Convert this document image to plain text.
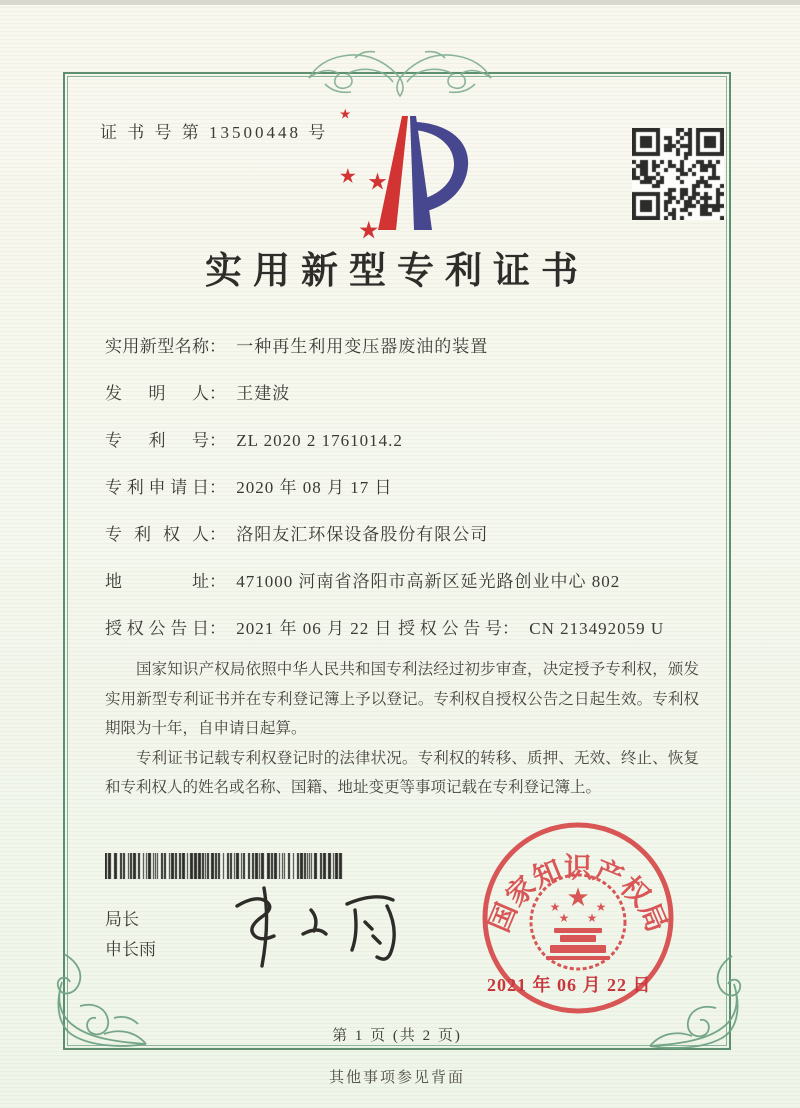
证 书 号 第 13500448 号
实用新型专利证书
实用新型名称： 一种再生利用变压器废油的装置
发明人： 王建波
专利号： ZL 2020 2 1761014.2
专利申请日： 2020 年 08 月 17 日
专利权人： 洛阳友汇环保设备股份有限公司
地址： 471000 河南省洛阳市高新区延光路创业中心 802
授权公告日： 2021 年 06 月 22 日 授权公告号： CN 213492059 U

国家知识产权局依照中华人民共和国专利法经过初步审查，决定授予专利权，颁发实用新型专利证书并在专利登记簿上予以登记。专利权自授权公告之日起生效。专利权期限为十年，自申请日起算。

专利证书记载专利权登记时的法律状况。专利权的转移、质押、无效、终止、恢复和专利权人的姓名或名称、国籍、地址变更等事项记载在专利登记簿上。

国家知识产权局
★
★	★
★ ★
2021 年 06 月 22 日
局长
申长雨
第 1 页 (共 2 页)
其他事项参见背面
